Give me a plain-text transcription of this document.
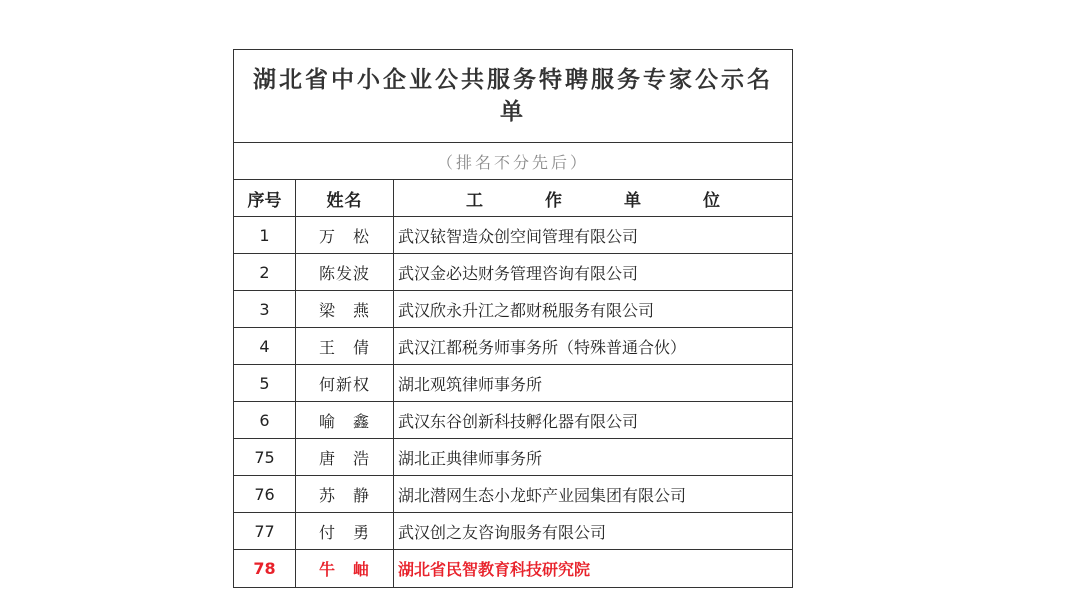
湖北省中小企业公共服务特聘服务专家公示名单
（排名不分先后）
序号	姓名	工作单位
1	万　松	武汉铱智造众创空间管理有限公司
2	陈发波	武汉金必达财务管理咨询有限公司
3	梁　燕	武汉欣永升江之都财税服务有限公司
4	王　倩	武汉江都税务师事务所（特殊普通合伙）
5	何新权	湖北观筑律师事务所
6	喻　鑫	武汉东谷创新科技孵化器有限公司
75	唐　浩	湖北正典律师事务所
76	苏　静	湖北潜网生态小龙虾产业园集团有限公司
77	付　勇	武汉创之友咨询服务有限公司
78	牛　岫	湖北省民智教育科技研究院
